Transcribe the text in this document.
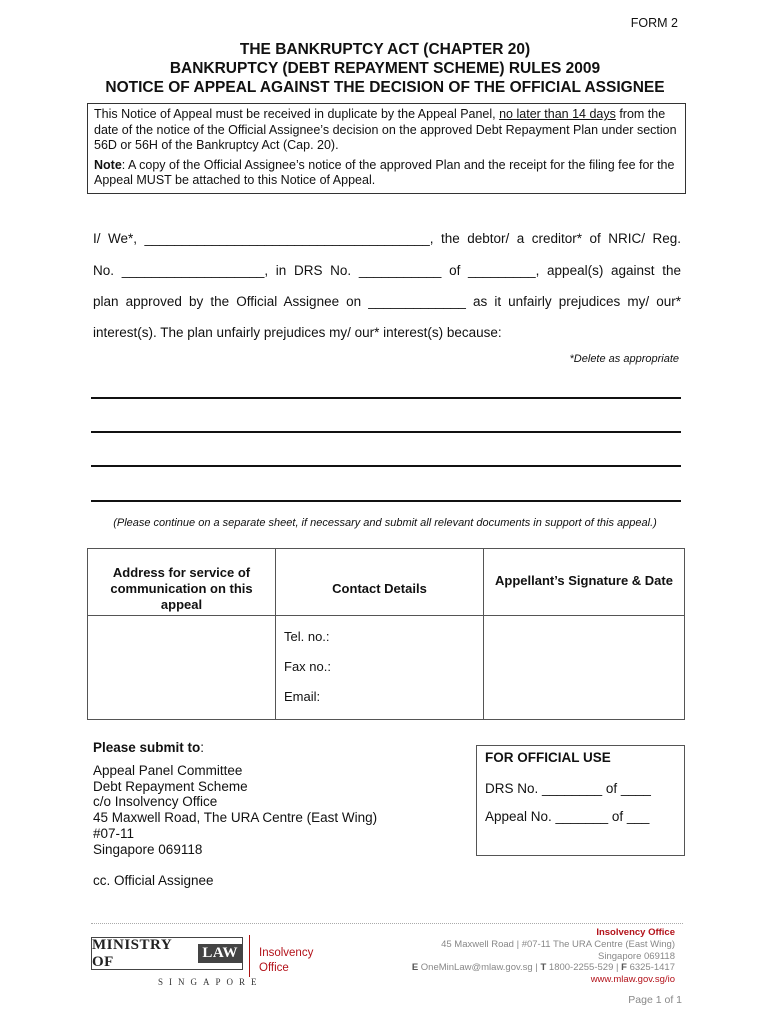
FORM 2
THE BANKRUPTCY ACT (CHAPTER 20)
BANKRUPTCY (DEBT REPAYMENT SCHEME) RULES 2009
NOTICE OF APPEAL AGAINST THE DECISION OF THE OFFICIAL ASSIGNEE

This Notice of Appeal must be received in duplicate by the Appeal Panel, no later than 14 days from the date of the notice of the Official Assignee’s decision on the approved Debt Repayment Plan under section 56D or 56H of the Bankruptcy Act (Cap. 20).

Note: A copy of the Official Assignee’s notice of the approved Plan and the receipt for the filing fee for the Appeal MUST be attached to this Notice of Appeal.

I/ We*, ______________________________________, the debtor/ a creditor* of NRIC/ Reg.
No. ___________________, in DRS No. ___________ of _________, appeal(s) against the
plan approved by the Official Assignee on _____________ as it unfairly prejudices my/ our*
interest(s). The plan unfairly prejudices my/ our* interest(s) because:
*Delete as appropriate
(Please continue on a separate sheet, if necessary and submit all relevant documents in support of this appeal.)
Address for service of communication on this appeal	Contact Details	Appellant’s Signature & Date

	Tel. no.:
Fax no.:
Email:	

Please submit to:
Appeal Panel Committee
Debt Repayment Scheme
c/o Insolvency Office
45 Maxwell Road, The URA Centre (East Wing)
#07-11
Singapore 069118
cc. Official Assignee
FOR OFFICIAL USE
DRS No. ________ of ____
Appeal No. _______ of ___
MINISTRY OF
LAW
SINGAPORE
Insolvency
Office
Insolvency Office
45 Maxwell Road | #07-11 The URA Centre (East Wing)
Singapore 069118
E OneMinLaw@mlaw.gov.sg | T 1800-2255-529 | F 6325-1417
www.mlaw.gov.sg/io
Page 1 of 1
